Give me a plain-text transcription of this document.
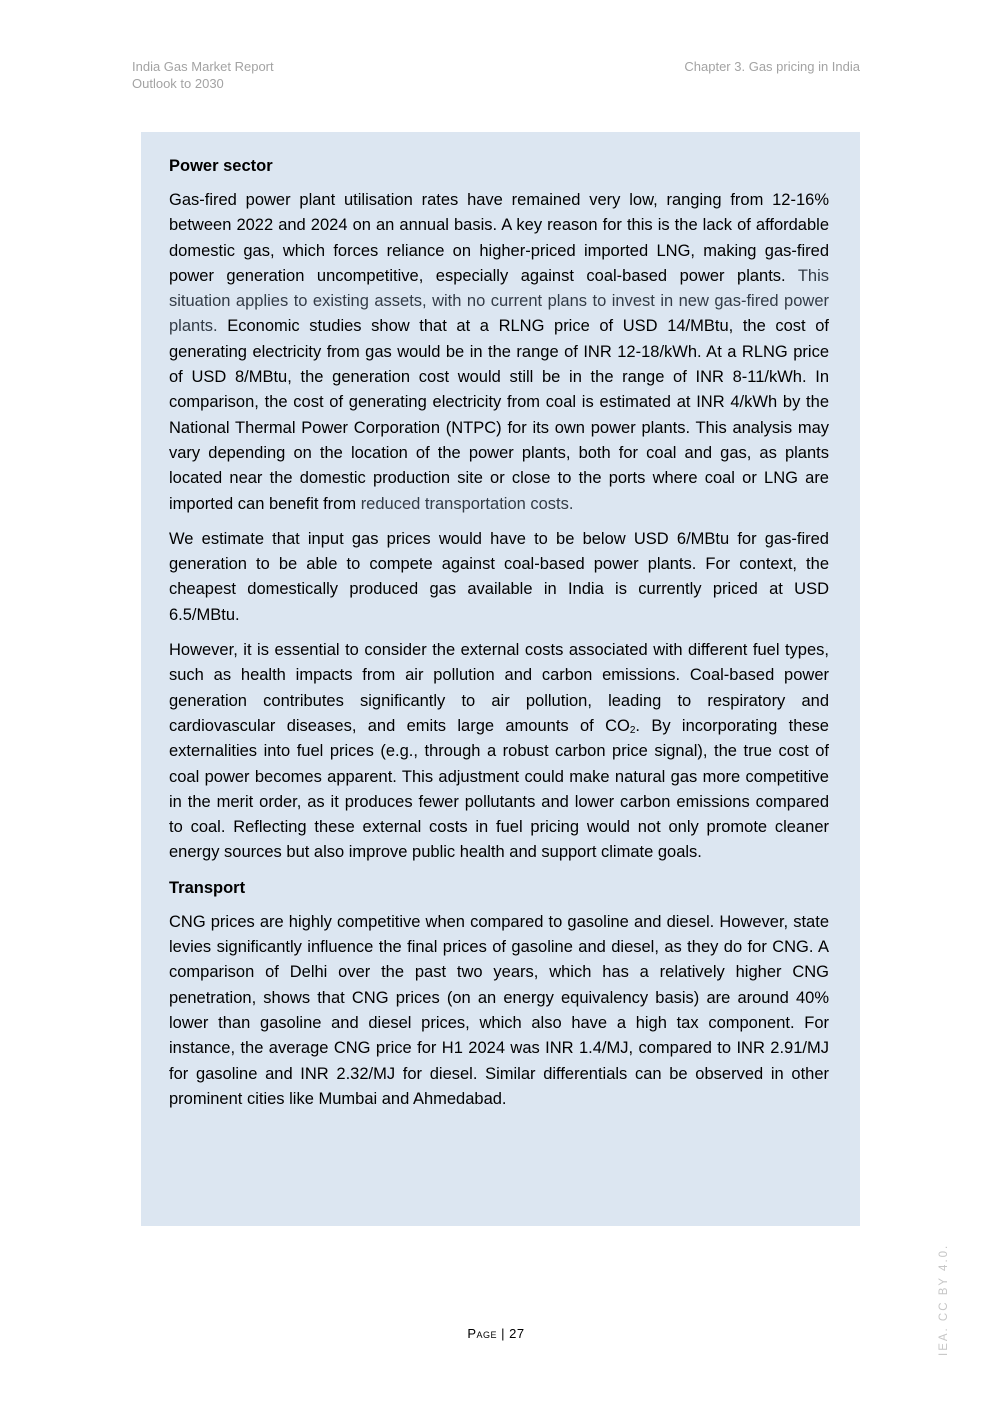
India Gas Market Report
Outlook to 2030
Chapter 3. Gas pricing in India
Power sector

Gas-fired power plant utilisation rates have remained very low, ranging from 12-16% between 2022 and 2024 on an annual basis. A key reason for this is the lack of affordable domestic gas, which forces reliance on higher-priced imported LNG, making gas-fired power generation uncompetitive, especially against coal-based power plants. This situation applies to existing assets, with no current plans to invest in new gas-fired power plants. Economic studies show that at a RLNG price of USD 14/MBtu, the cost of generating electricity from gas would be in the range of INR 12-18/kWh. At a RLNG price of USD 8/MBtu, the generation cost would still be in the range of INR 8-11/kWh. In comparison, the cost of generating electricity from coal is estimated at INR 4/kWh by the National Thermal Power Corporation (NTPC) for its own power plants. This analysis may vary depending on the location of the power plants, both for coal and gas, as plants located near the domestic production site or close to the ports where coal or LNG are imported can benefit from reduced transportation costs.

We estimate that input gas prices would have to be below USD 6/MBtu for gas-fired generation to be able to compete against coal-based power plants. For context, the cheapest domestically produced gas available in India is currently priced at USD 6.5/MBtu.

However, it is essential to consider the external costs associated with different fuel types, such as health impacts from air pollution and carbon emissions. Coal-based power generation contributes significantly to air pollution, leading to respiratory and cardiovascular diseases, and emits large amounts of $CO_2$. By incorporating these externalities into fuel prices (e.g., through a robust carbon price signal), the true cost of coal power becomes apparent. This adjustment could make natural gas more competitive in the merit order, as it produces fewer pollutants and lower carbon emissions compared to coal. Reflecting these external costs in fuel pricing would not only promote cleaner energy sources but also improve public health and support climate goals.

Transport

CNG prices are highly competitive when compared to gasoline and diesel. However, state levies significantly influence the final prices of gasoline and diesel, as they do for CNG. A comparison of Delhi over the past two years, which has a relatively higher CNG penetration, shows that CNG prices (on an energy equivalency basis) are around 40% lower than gasoline and diesel prices, which also have a high tax component. For instance, the average CNG price for H1 2024 was INR 1.4/MJ, compared to INR 2.91/MJ for gasoline and INR 2.32/MJ for diesel. Similar differentials can be observed in other prominent cities like Mumbai and Ahmedabad.

Page | 27	IEA. CC BY 4.0.
